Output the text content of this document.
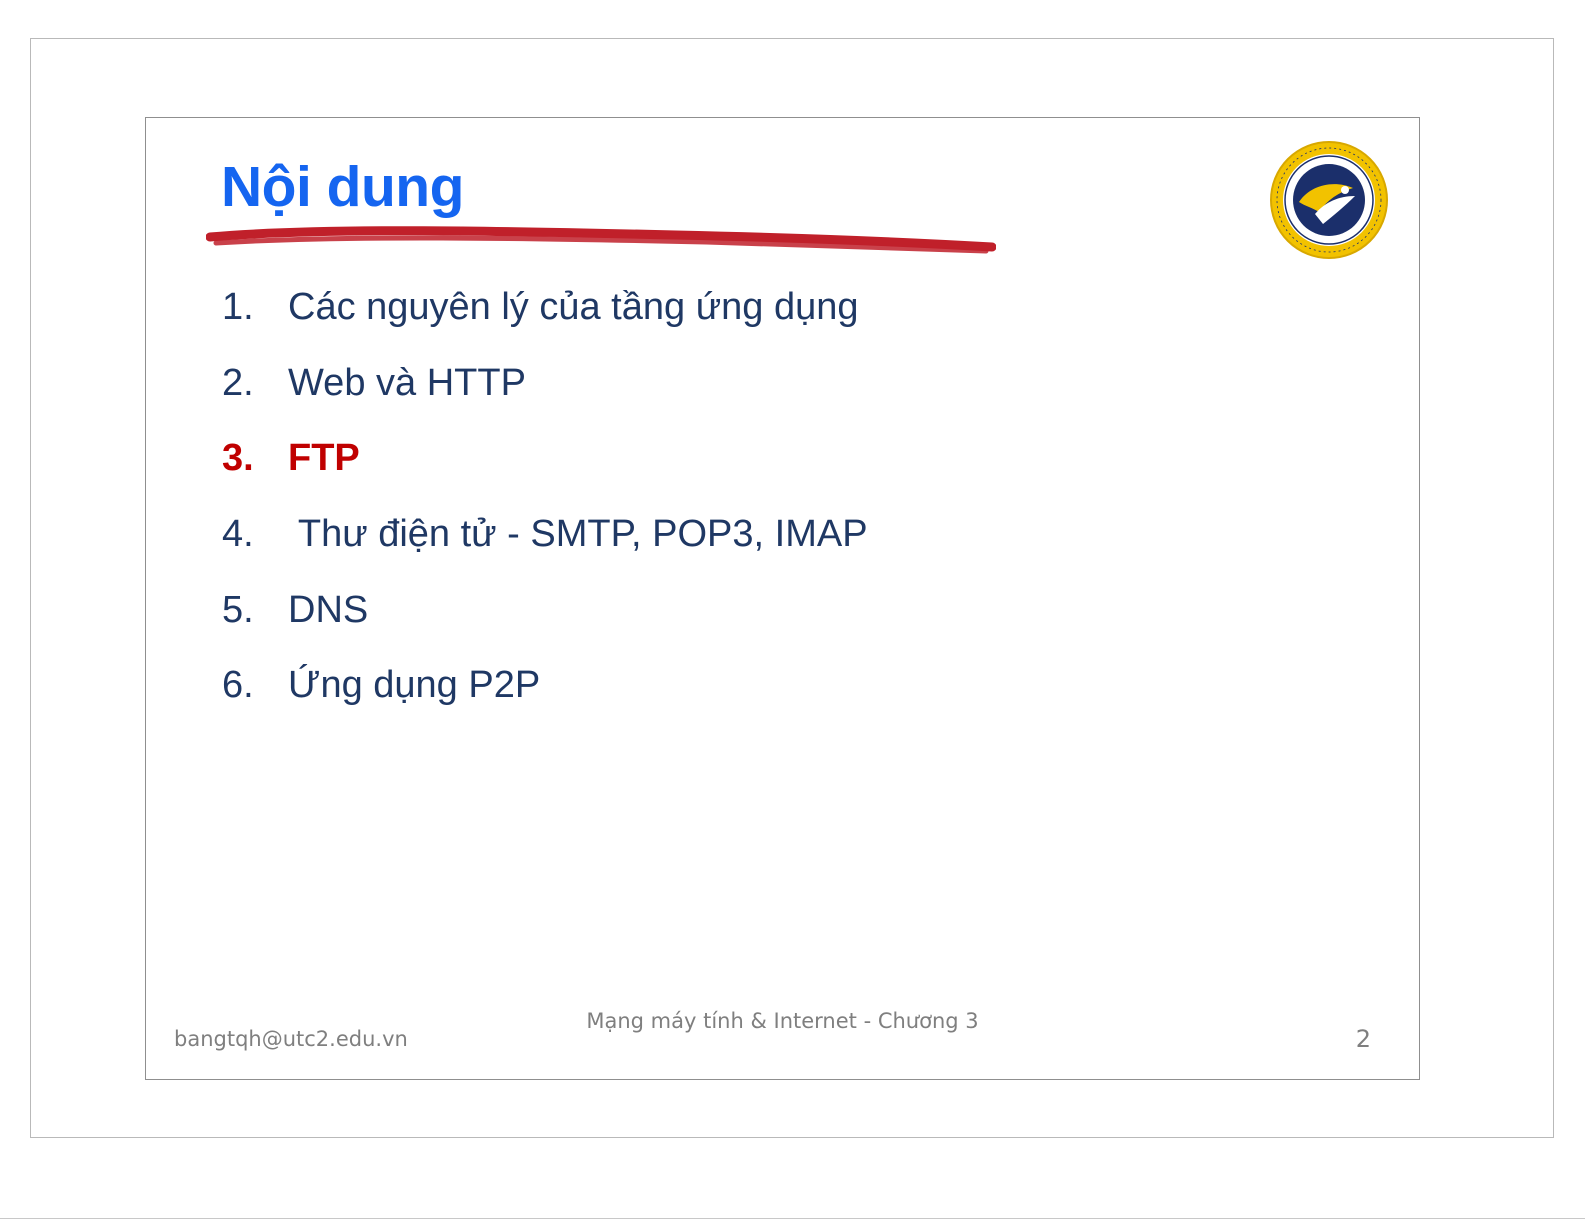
Nội dung
1. Các nguyên lý của tầng ứng dụng
2. Web và HTTP
3. FTP
4. Thư điện tử - SMTP, POP3, IMAP
5. DNS
6. Ứng dụng P2P
bangtqh@utc2.edu.vn
Mạng máy tính & Internet - Chương 3
2
